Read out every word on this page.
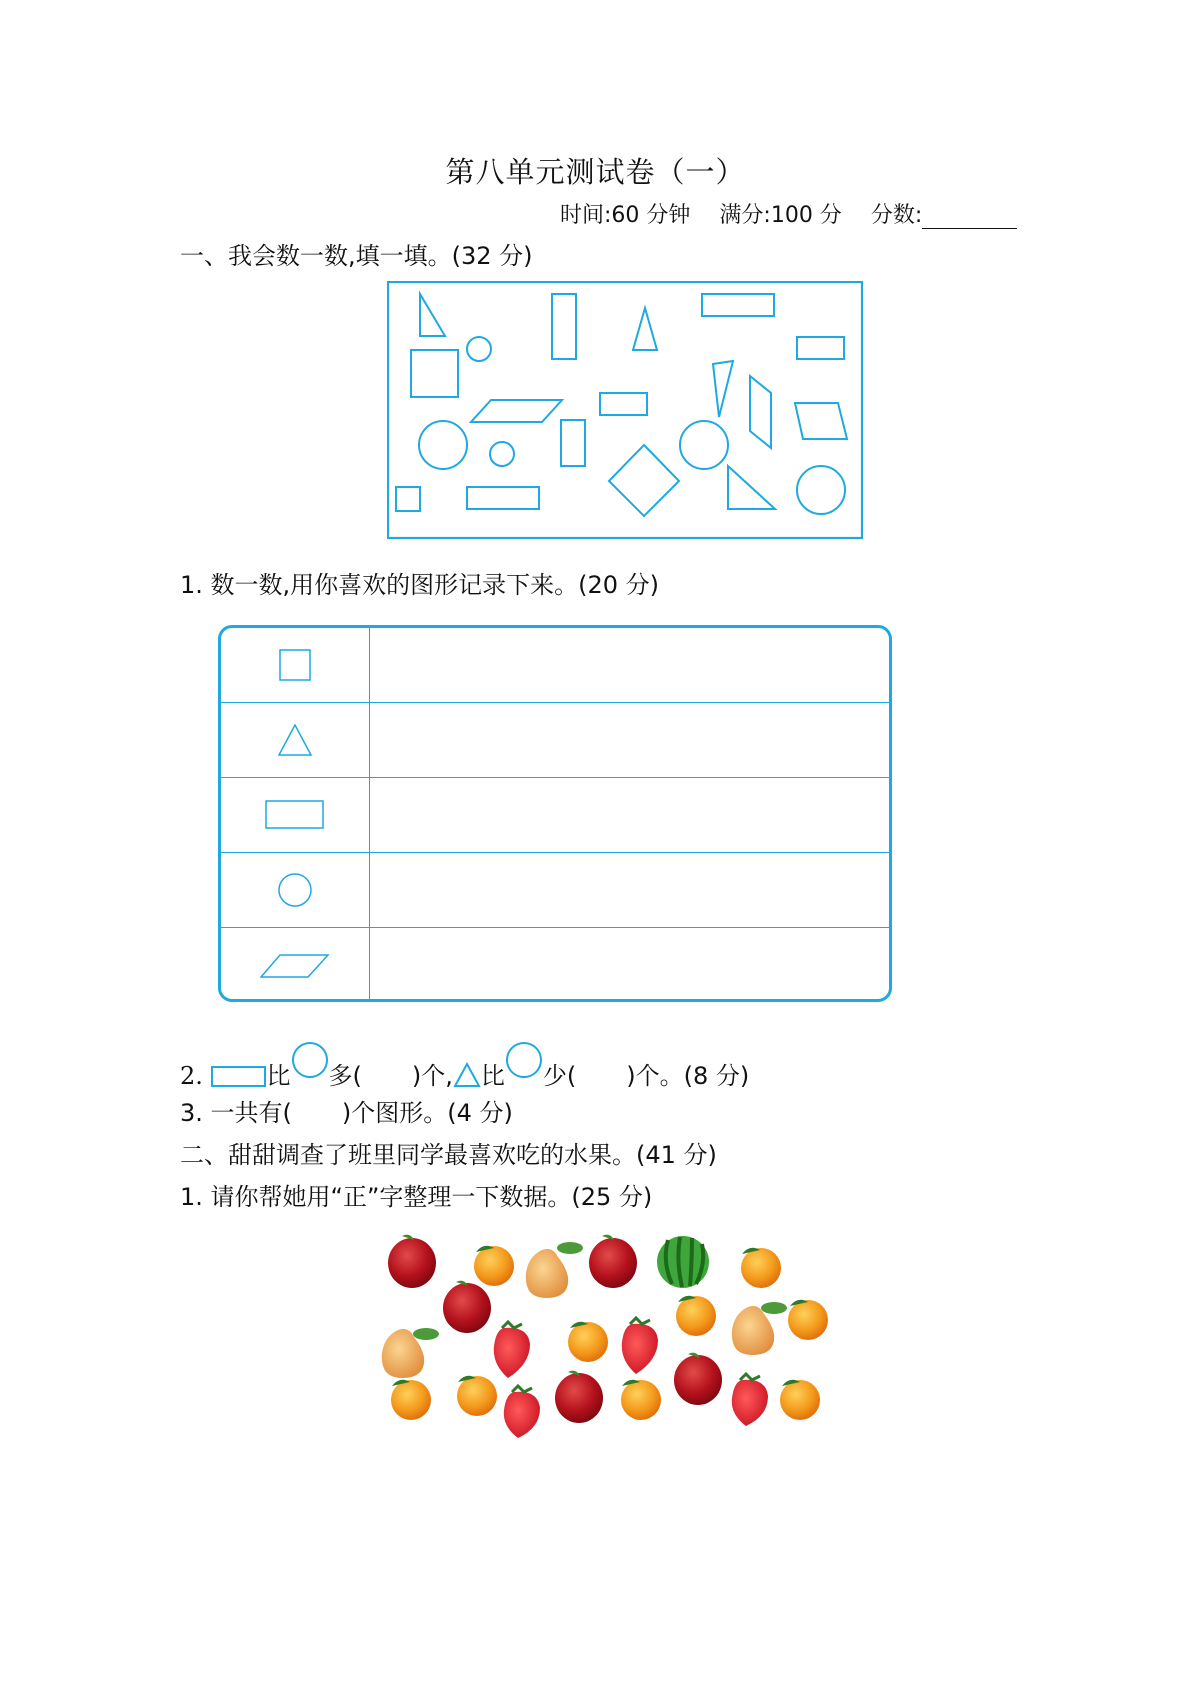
第八单元测试卷（一）
时间:60 分钟 满分:100 分 分数:
一、我会数一数,填一填。(32 分)
1. 数一数,用你喜欢的图形记录下来。(20 分)
2.	比 多( )个, 比 少( )个。(8 分)
3. 一共有( )个图形。(4 分)
二、甜甜调查了班里同学最喜欢吃的水果。(41 分)
1. 请你帮她用“正”字整理一下数据。(25 分)
